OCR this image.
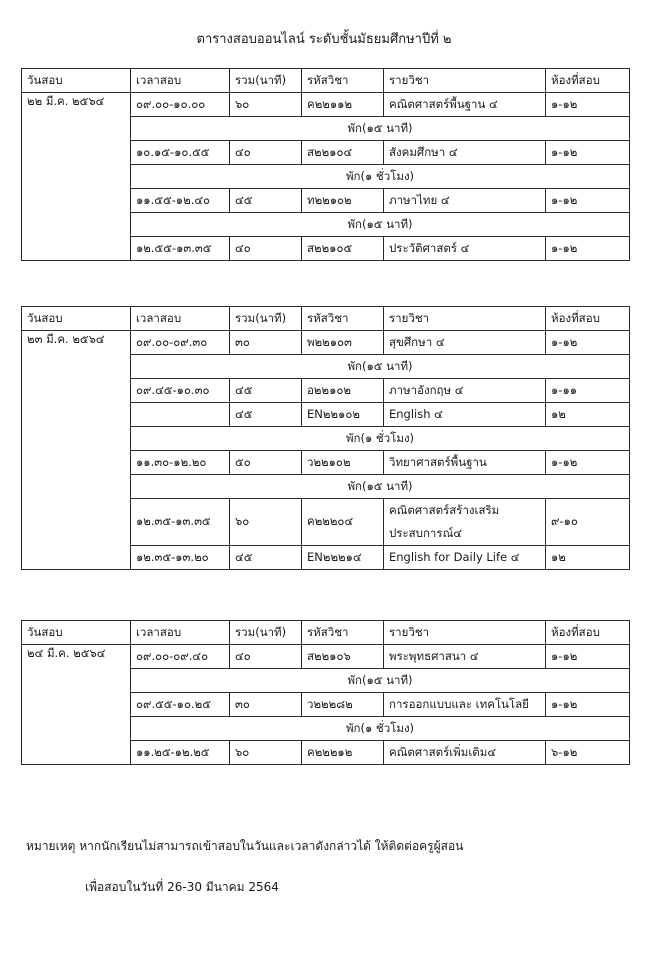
ตารางสอบออนไลน์ ระดับชั้นมัธยมศึกษาปีที่ ๒
วันสอบ	เวลาสอบ	รวม(นาที)	รหัสวิชา	รายวิชา	ห้องที่สอบ
๒๒ มี.ค. ๒๕๖๔	๐๙.๐๐-๑๐.๐๐	๖๐	ค๒๒๑๑๒	คณิตศาสตร์พื้นฐาน ๔	๑-๑๒
	พัก(๑๕ นาที)				
	๑๐.๑๕-๑๐.๕๕	๔๐	ส๒๒๑๐๔	สังคมศึกษา ๔	๑-๑๒
	พัก(๑ ชั่วโมง)				
	๑๑.๕๕-๑๒.๔๐	๔๕	ท๒๒๑๐๒	ภาษาไทย ๔	๑-๑๒
	พัก(๑๕ นาที)				
	๑๒.๕๕-๑๓.๓๕	๔๐	ส๒๒๑๐๕	ประวัติศาสตร์ ๔	๑-๑๒
วันสอบ	เวลาสอบ	รวม(นาที)	รหัสวิชา	รายวิชา	ห้องที่สอบ
๒๓ มี.ค. ๒๕๖๔	๐๙.๐๐-๐๙.๓๐	๓๐	พ๒๒๑๐๓	สุขศึกษา ๔	๑-๑๒
	พัก(๑๕ นาที)				
	๐๙.๔๕-๑๐.๓๐	๔๕	อ๒๒๑๐๒	ภาษาอังกฤษ ๔	๑-๑๑
		๔๕	EN๒๒๑๐๒	English ๔	๑๒
	พัก(๑ ชั่วโมง)				
	๑๑.๓๐-๑๒.๒๐	๕๐	ว๒๒๑๐๒	วิทยาศาสตร์พื้นฐาน	๑-๑๒
	พัก(๑๕ นาที)				
	๑๒.๓๕-๑๓.๓๕	๖๐	ค๒๒๒๐๔	คณิตศาสตร์สร้างเสริม ประสบการณ์๔	๙-๑๐
	๑๒.๓๕-๑๓.๒๐	๔๕	EN๒๒๒๑๔	English for Daily Life ๔	๑๒
วันสอบ	เวลาสอบ	รวม(นาที)	รหัสวิชา	รายวิชา	ห้องที่สอบ
๒๔ มี.ค. ๒๕๖๔	๐๙.๐๐-๐๙.๔๐	๔๐	ส๒๒๑๐๖	พระพุทธศาสนา ๔	๑-๑๒
	พัก(๑๕ นาที)				
	๐๙.๕๕-๑๐.๒๕	๓๐	ว๒๒๒๘๒	การออกแบบและ เทคโนโลยี	๑-๑๒
	พัก(๑ ชั่วโมง)				
	๑๑.๒๕-๑๒.๒๕	๖๐	ค๒๒๒๑๒	คณิตศาสตร์เพิ่มเติม๔	๖-๑๒
หมายเหตุ หากนักเรียนไม่สามารถเข้าสอบในวันและเวลาดังกล่าวได้ ให้ติดต่อครูผู้สอน
เพื่อสอบในวันที่ 26-30 มีนาคม 2564
